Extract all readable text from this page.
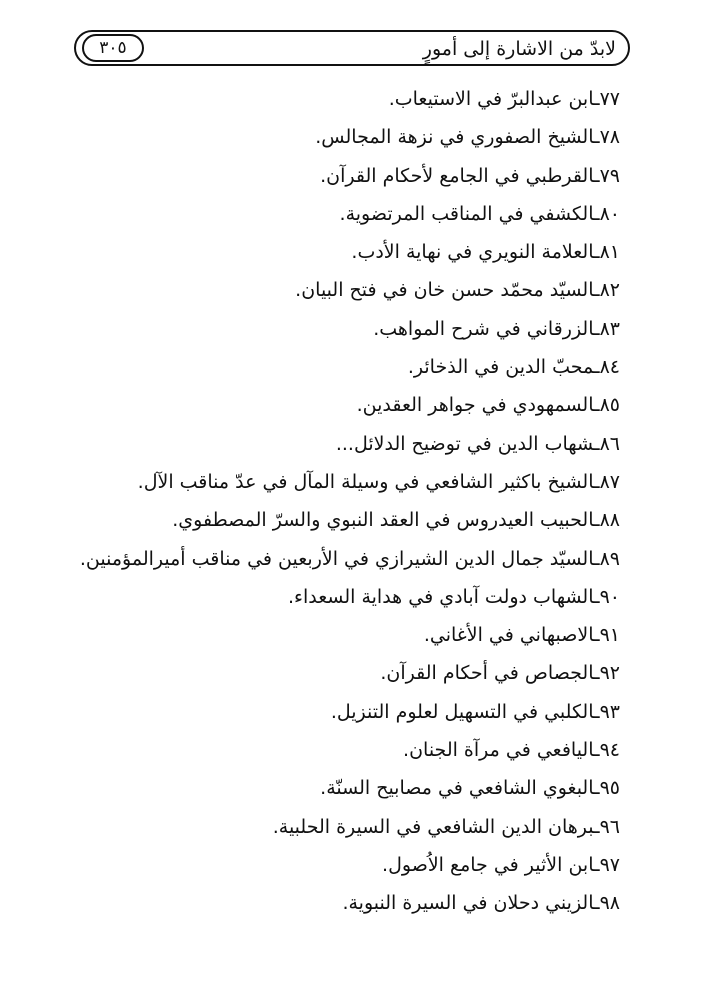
لابدّ من الاشارة إلى أمورٍ
٣٠٥
٧٧ـابن عبدالبرّ في الاستيعاب.
٧٨ـالشيخ الصفوري في نزهة المجالس.
٧٩ـالقرطبي في الجامع لأحكام القرآن.
٨٠ـالكشفي في المناقب المرتضوية.
٨١ـالعلامة النويري في نهاية الأدب.
٨٢ـالسيّد محمّد حسن خان في فتح البيان.
٨٣ـالزرقاني في شرح المواهب.
٨٤ـمحبّ الدين في الذخائر.
٨٥ـالسمهودي في جواهر العقدين.
٨٦ـشهاب الدين في توضيح الدلائل...
٨٧ـالشيخ باكثير الشافعي في وسيلة المآل في عدّ مناقب الآل.
٨٨ـالحبيب العيدروس في العقد النبوي والسرّ المصطفوي.
٨٩ـالسيّد جمال الدين الشيرازي في الأربعين في مناقب أميرالمؤمنين.
٩٠ـالشهاب دولت آبادي في هداية السعداء.
٩١ـالاصبهاني في الأغاني.
٩٢ـالجصاص في أحكام القرآن.
٩٣ـالكلبي في التسهيل لعلوم التنزيل.
٩٤ـاليافعي في مرآة الجنان.
٩٥ـالبغوي الشافعي في مصابيح السنّة.
٩٦ـبرهان الدين الشافعي في السيرة الحلبية.
٩٧ـابن الأثير في جامع الاُصول.
٩٨ـالزيني دحلان في السيرة النبوية.
